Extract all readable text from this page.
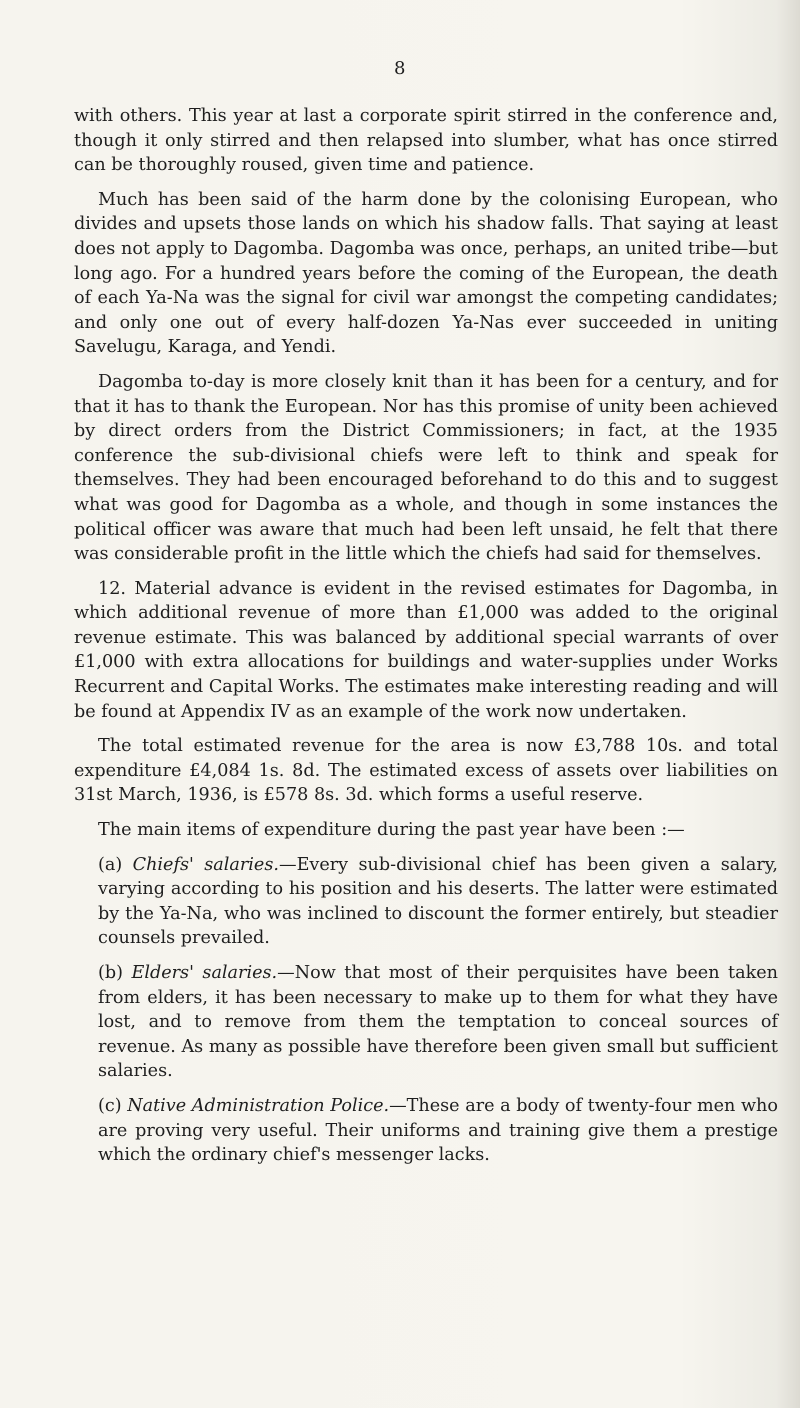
8

with others. This year at last a corporate spirit stirred in the conference and, though it only stirred and then relapsed into slumber, what has once stirred can be thoroughly roused, given time and patience.

Much has been said of the harm done by the colonising European, who divides and upsets those lands on which his shadow falls. That saying at least does not apply to Dagomba. Dagomba was once, perhaps, an united tribe—but long ago. For a hundred years before the coming of the European, the death of each Ya-Na was the signal for civil war amongst the competing candidates; and only one out of every half-dozen Ya-Nas ever succeeded in uniting Savelugu, Karaga, and Yendi.

Dagomba to-day is more closely knit than it has been for a century, and for that it has to thank the European. Nor has this promise of unity been achieved by direct orders from the District Commissioners; in fact, at the 1935 conference the sub-divisional chiefs were left to think and speak for themselves. They had been encouraged beforehand to do this and to suggest what was good for Dagomba as a whole, and though in some instances the political officer was aware that much had been left unsaid, he felt that there was considerable profit in the little which the chiefs had said for themselves.

12. Material advance is evident in the revised estimates for Dagomba, in which additional revenue of more than £1,000 was added to the original revenue estimate. This was balanced by additional special warrants of over £1,000 with extra allocations for buildings and water-supplies under Works Recurrent and Capital Works. The estimates make interesting reading and will be found at Appendix IV as an example of the work now undertaken.

The total estimated revenue for the area is now £3,788 10s. and total expenditure £4,084 1s. 8d. The estimated excess of assets over liabilities on 31st March, 1936, is £578 8s. 3d. which forms a useful reserve.

The main items of expenditure during the past year have been :—

(a) Chiefs' salaries.—Every sub-divisional chief has been given a salary, varying according to his position and his deserts. The latter were estimated by the Ya-Na, who was inclined to discount the former entirely, but steadier counsels prevailed.

(b) Elders' salaries.—Now that most of their perquisites have been taken from elders, it has been necessary to make up to them for what they have lost, and to remove from them the temptation to conceal sources of revenue. As many as possible have therefore been given small but sufficient salaries.

(c) Native Administration Police.—These are a body of twenty-four men who are proving very useful. Their uniforms and training give them a prestige which the ordinary chief's messenger lacks.
